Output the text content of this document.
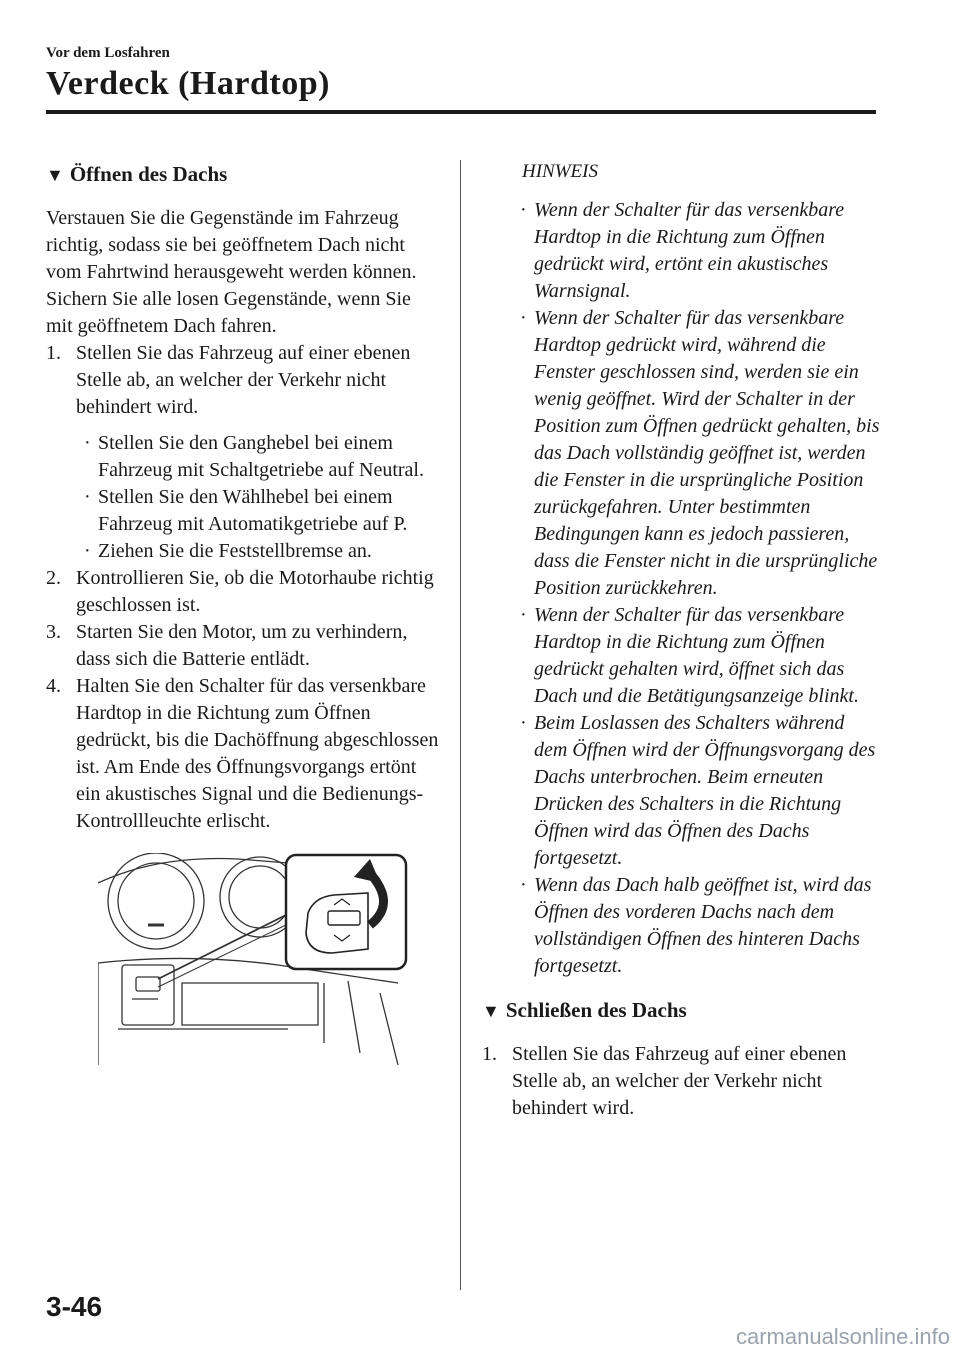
Vor dem Losfahren
Verdeck (Hardtop)
▼ Öffnen des Dachs
Verstauen Sie die Gegenstände im Fahrzeug richtig, sodass sie bei geöffnetem Dach nicht vom Fahrtwind herausgeweht werden können. Sichern Sie alle losen Gegenstände, wenn Sie mit geöffnetem Dach fahren.
1. Stellen Sie das Fahrzeug auf einer ebenen Stelle ab, an welcher der Verkehr nicht behindert wird.
· Stellen Sie den Ganghebel bei einem Fahrzeug mit Schaltgetriebe auf Neutral.
· Stellen Sie den Wählhebel bei einem Fahrzeug mit Automatikgetriebe auf P.
· Ziehen Sie die Feststellbremse an.
2. Kontrollieren Sie, ob die Motorhaube richtig geschlossen ist.
3. Starten Sie den Motor, um zu verhindern, dass sich die Batterie entlädt.
4. Halten Sie den Schalter für das versenkbare Hardtop in die Richtung zum Öffnen gedrückt, bis die Dachöffnung abgeschlossen ist. Am Ende des Öffnungsvorgangs ertönt ein akustisches Signal und die Bedienungs-Kontrollleuchte erlischt.
HINWEIS
· Wenn der Schalter für das versenkbare Hardtop in die Richtung zum Öffnen gedrückt wird, ertönt ein akustisches Warnsignal.
· Wenn der Schalter für das versenkbare Hardtop gedrückt wird, während die Fenster geschlossen sind, werden sie ein wenig geöffnet. Wird der Schalter in der Position zum Öffnen gedrückt gehalten, bis das Dach vollständig geöffnet ist, werden die Fenster in die ursprüngliche Position zurückgefahren. Unter bestimmten Bedingungen kann es jedoch passieren, dass die Fenster nicht in die ursprüngliche Position zurückkehren.
· Wenn der Schalter für das versenkbare Hardtop in die Richtung zum Öffnen gedrückt gehalten wird, öffnet sich das Dach und die Betätigungsanzeige blinkt.
· Beim Loslassen des Schalters während dem Öffnen wird der Öffnungsvorgang des Dachs unterbrochen. Beim erneuten Drücken des Schalters in die Richtung Öffnen wird das Öffnen des Dachs fortgesetzt.
· Wenn das Dach halb geöffnet ist, wird das Öffnen des vorderen Dachs nach dem vollständigen Öffnen des hinteren Dachs fortgesetzt.
▼ Schließen des Dachs
1. Stellen Sie das Fahrzeug auf einer ebenen Stelle ab, an welcher der Verkehr nicht behindert wird.
3-46
carmanualsonline.info
